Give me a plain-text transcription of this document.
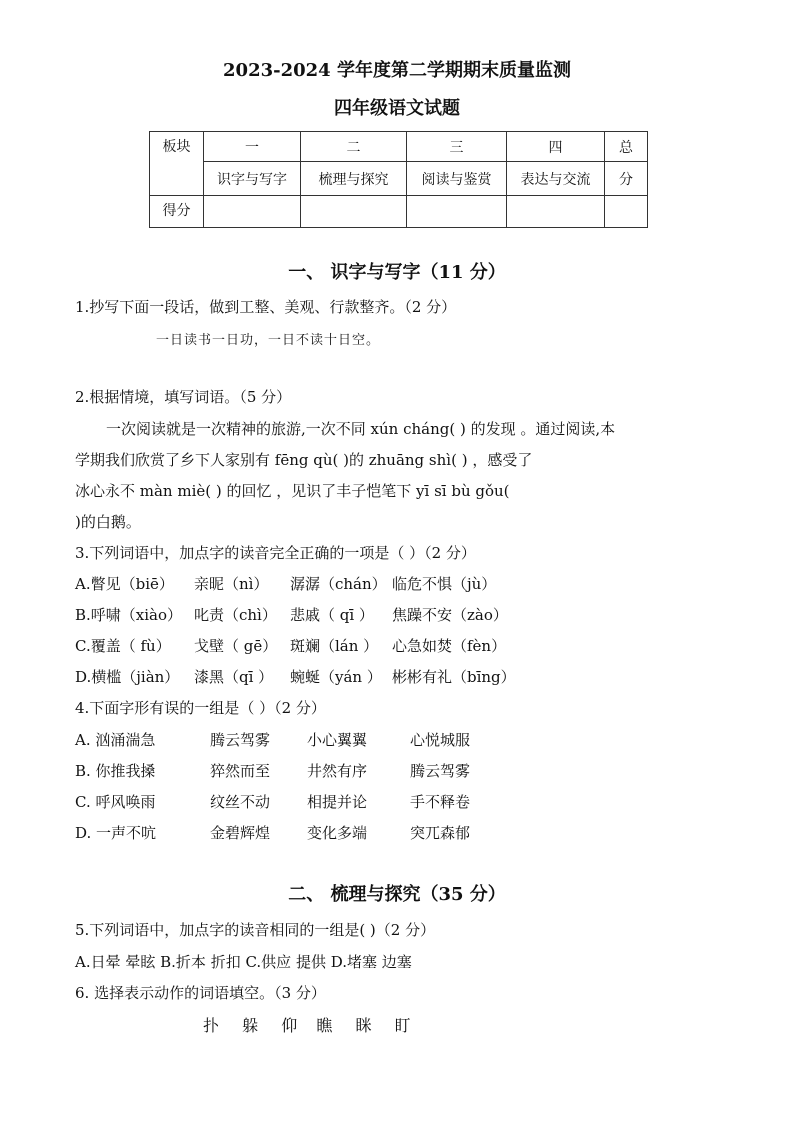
2023-2024 学年度第二学期期末质量监测
四年级语文试题
板块	一	二	三	四	总
	识字与写字	梳理与探究	阅读与鉴赏	表达与交流	分
得分					
一、 识字与写字（11 分）
1.抄写下面一段话，做到工整、美观、行款整齐。（2 分）
一日读书一日功，一日不读十日空。
2.根据情境，填写词语。（5 分）
一次阅读就是一次精神的旅游,一次不同 xún cháng( ) 的发现 。通过阅读,本
学期我们欣赏了乡下人家别有 fēng qù( )的 zhuāng shì( ) ，感受了
冰心永不 màn miè( ) 的回忆 ，见识了丰子恺笔下 yī sī bù gǒu(
)的白鹅。
3.下列词语中，加点字的读音完全正确的一项是（ ）（2 分）
A.瞥见（biē） 亲昵（nì） 潺潺（chán） 临危不惧（jù）
B.呼啸（xiào） 叱责（chì） 悲戚（ qī ） 焦躁不安（zào）
C.覆盖（ fù） 戈壁（ gē） 斑斓（lán ） 心急如焚（fèn）
D.横槛（jiàn） 漆黑（qī ） 蜿蜒（yán ） 彬彬有礼（bīng）
4.下面字形有误的一组是（ ）（2 分）
A. 汹涌湍急	腾云驾雾 小心翼翼	心悦城服
B. 你推我搡	猝然而至 井然有序	腾云驾雾
C. 呼风唤雨	纹丝不动 相提并论	手不释卷
D. 一声不吭	金碧辉煌 变化多端	突兀森郁
二、 梳理与探究（35 分）
5.下列词语中，加点字的读音相同的一组是( )（2 分）
A.日晕 晕眩 B.折本 折扣 C.供应 提供 D.堵塞 边塞
6. 选择表示动作的词语填空。（3 分）
扑 躲 仰 瞧 眯 盯
